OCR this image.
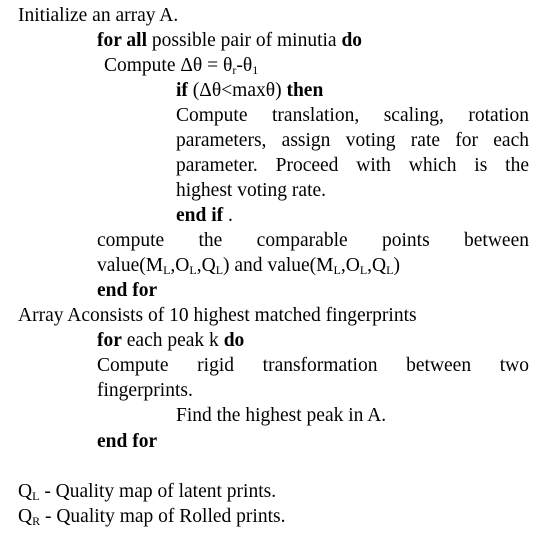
Initialize an array A.
for all possible pair of minutia do
Compute $\Delta\theta = \theta_r-\theta_1$
if (Δθ<maxθ) then
Compute translation, scaling, rotation
parameters, assign voting rate for each
parameter. Proceed with which is the
highest voting rate.
end if .
compute the comparable points between
$value(M_L,O_L,Q_L)$ and $value(M_L,O_L,Q_L)$
end for
Array Aconsists of 10 highest matched fingerprints
for each peak k do
Compute rigid transformation between two
fingerprints.
Find the highest peak in A.
end for
$Q_L$ - Quality map of latent prints.
$Q_R$ - Quality map of Rolled prints.
